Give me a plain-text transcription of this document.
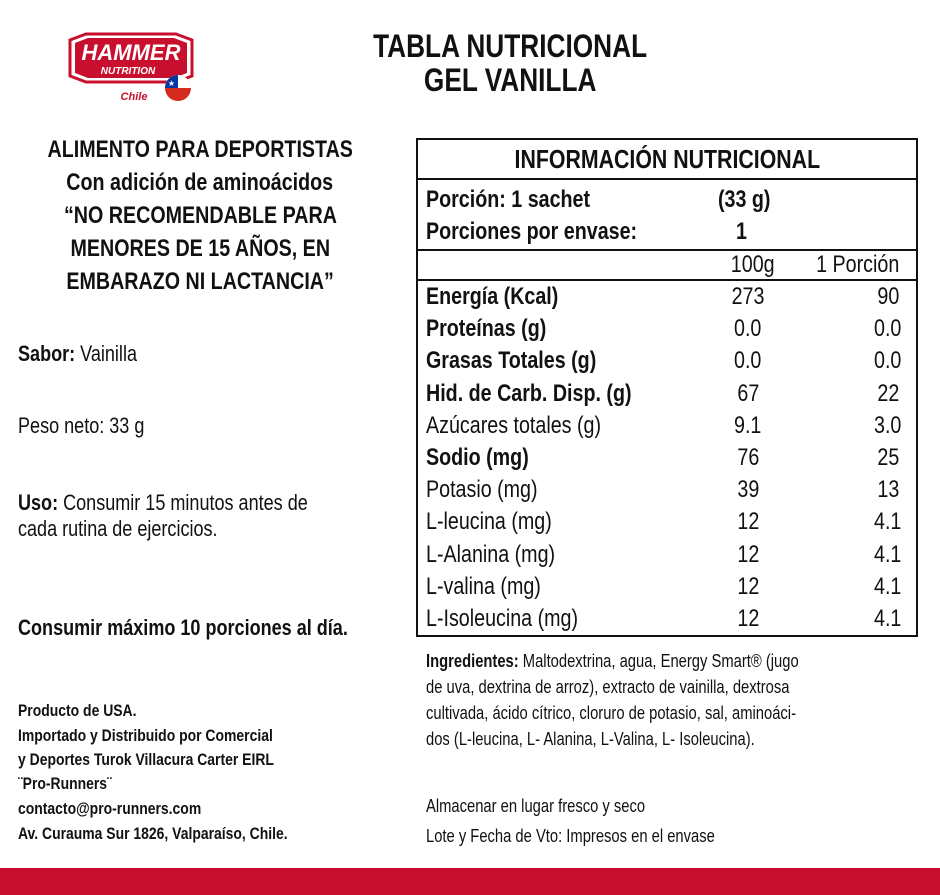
HAMMER
NUTRITION
Chile
★
TABLA NUTRICIONAL
GEL VANILLA
ALIMENTO PARA DEPORTISTAS
Con adición de aminoácidos
“NO RECOMENDABLE PARA
MENORES DE 15 AÑOS, EN
EMBARAZO NI LACTANCIA”
Sabor: Vainilla
Peso neto: 33 g
Uso: Consumir 15 minutos antes de
cada rutina de ejercicios.
Consumir máximo 10 porciones al día.
Producto de USA.
Importado y Distribuido por Comercial
y Deportes Turok Villacura Carter EIRL
¨Pro-Runners¨
contacto@pro-runners.com
Av. Curauma Sur 1826, Valparaíso, Chile.
INFORMACIÓN NUTRICIONAL
Porción: 1 sachet	(33 g)
Porciones por envase:	1
100g	1 Porción
Energía (Kcal)	273	90
Proteínas (g)	0.0	0.0
Grasas Totales (g)	0.0	0.0
Hid. de Carb. Disp. (g)	67	22
Azúcares totales (g)	9.1	3.0
Sodio (mg)	76	25
Potasio (mg)	39	13
L-leucina (mg)	12	4.1
L-Alanina (mg)	12	4.1
L-valina (mg)	12	4.1
L-Isoleucina (mg)	12	4.1
Ingredientes: Maltodextrina, agua, Energy Smart® (jugo
de uva, dextrina de arroz), extracto de vainilla, dextrosa
cultivada, ácido cítrico, cloruro de potasio, sal, aminoáci-
dos (L-leucina, L- Alanina, L-Valina, L- Isoleucina).
Almacenar en lugar fresco y seco
Lote y Fecha de Vto: Impresos en el envase
